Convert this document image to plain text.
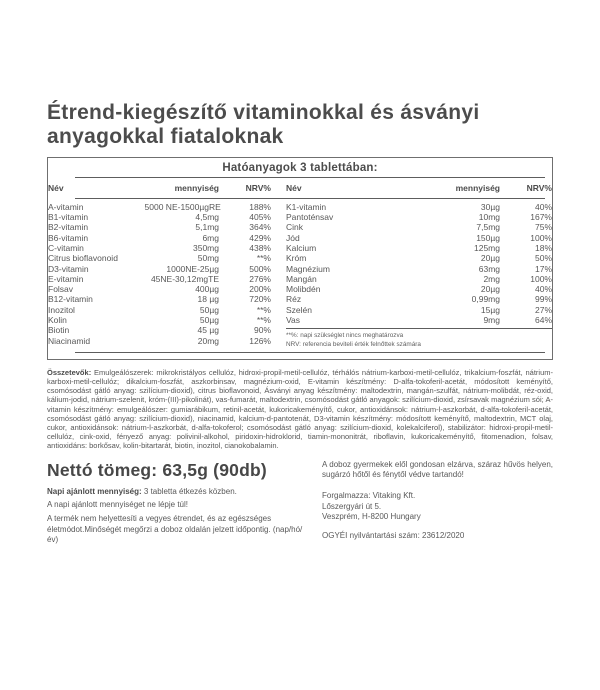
Étrend-kiegészítő vitaminokkal és ásványi
anyagokkal fiataloknak
Hatóanyagok 3 tablettában:
Név	mennyiség	NRV% Név	mennyiség	NRV%
A-vitamin	5000 NE-1500µgRE	188%
B1-vitamin	4,5mg	405%
B2-vitamin	5,1mg	364%
B6-vitamin	6mg	429%
C-vitamin	350mg	438%
Citrus bioflavonoid	50mg	**%
D3-vitamin	1000NE-25µg	500%
E-vitamin	45NE-30,12mgTE	276%
Folsav	400µg	200%
B12-vitamin	18 µg	720%
Inozitol	50µg	**%
Kolin	50µg	**%
Biotin	45 µg	90%
Niacinamid	20mg	126%
K1-vitamin	30µg	40%
Pantoténsav	10mg	167%
Cink	7,5mg	75%
Jód	150µg	100%
Kalcium	125mg	18%
Króm	20µg	50%
Magnézium	63mg	17%
Mangán	2mg	100%
Molibdén	20µg	40%
Réz	0,99mg	99%
Szelén	15µg	27%
Vas	9mg	64%
**%: napi szükséglet nincs meghatározva
NRV: referencia beviteli érték felnőttek számára
Összetevők: Emulgeálószerek: mikrokristályos cellulóz, hidroxi-propil-metil-cellulóz, térhálós nátrium-karboxi-metil-cellulóz, trikalcium-foszfát, nátrium-karboxi-metil-cellulóz; dikalcium-foszfát, aszkorbinsav, magnézium-oxid, E-vitamin készítmény: D-alfa-tokoferil-acetát, módosított keményítő, csomósodást gátló anyag: szilícium-dioxid), citrus bioflavonoid, Ásványi anyag készítmény: maltodextrin, mangán-szulfát, nátrium-molibdát, réz-oxid, kálium-jodid, nátrium-szelenit, króm-(III)-pikolinát), vas-fumarát, maltodextrin, csomósodást gátló anyagok: szilícium-dioxid, zsírsavak magnézium sói; A-vitamin készítmény: emulgeálószer: gumiarábikum, retinil-acetát, kukoricakeményítő, cukor, antioxidánsok: nátrium-l-aszkorbát, d-alfa-tokoferil-acetát, csomósodást gátló anyag: szilícium-dioxid), niacinamid, kalcium-d-pantotenát, D3-vitamin készítmény: módosított keményítő, maltodextrin, MCT olaj, cukor, antioxidánsok: nátrium-l-aszkorbát, d-alfa-tokoferol; csomósodást gátló anyag: szilícium-dioxid, kolekalciferol), stabilizátor: hidroxi-propil-metil-cellulóz, cink-oxid, fényező anyag: polivinil-alkohol, piridoxin-hidroklorid, tiamin-mononitrát, riboflavin, kukoricakeményítő, fitomenadion, folsav, antioxidáns: borkősav, kolin-bitartarát, biotin, inozitol, cianokobalamin.
Nettó tömeg: 63,5g (90db)
Napi ajánlott mennyiség: 3 tabletta étkezés közben.
A napi ajánlott mennyiséget ne lépje túl!
A termék nem helyettesíti a vegyes étrendet, és az egészséges életmódot.Minőségét megőrzi a doboz oldalán jelzett időpontig. (nap/hó/év)
A doboz gyermekek elől gondosan elzárva, száraz hűvös helyen, sugárzó hőtől és fénytől védve tartandó!
Forgalmazza: Vitaking Kft.
Lőszergyári út 5.
Veszprém, H-8200 Hungary
OGYÉI nyilvántartási szám: 23612/2020
